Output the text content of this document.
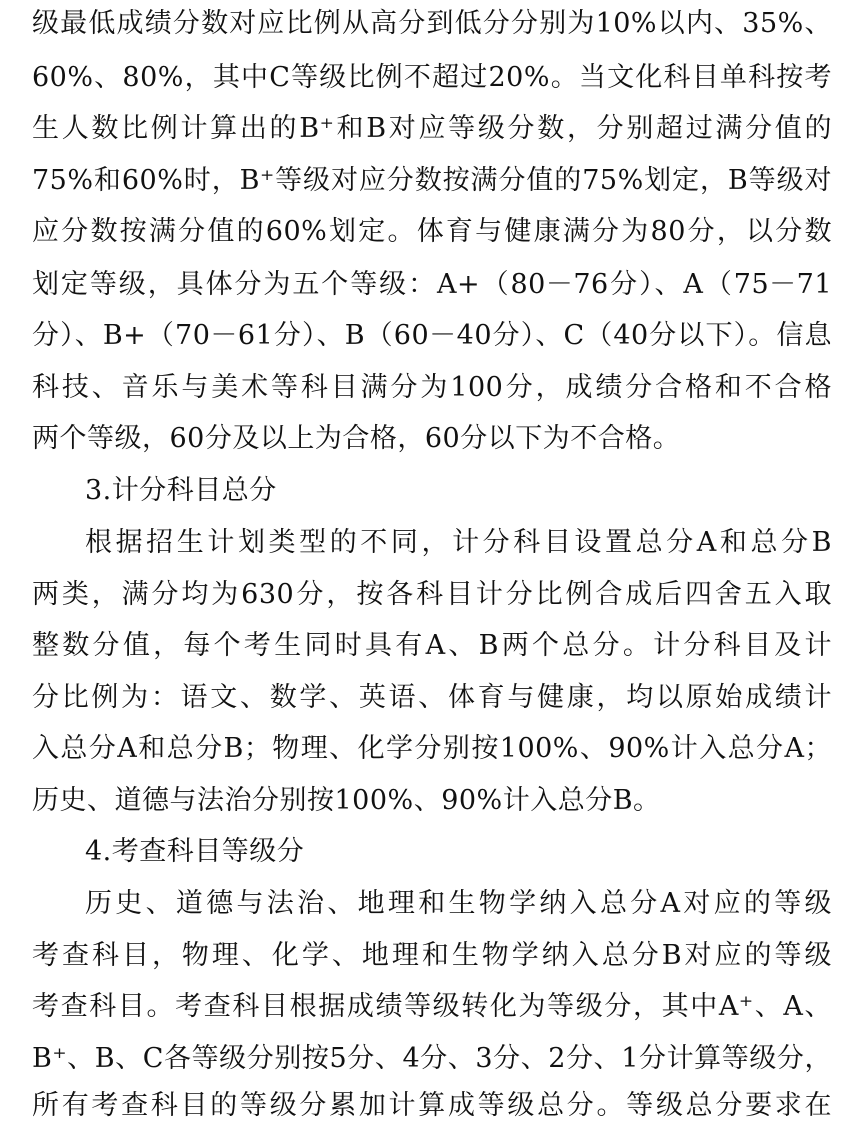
级最低成绩分数对应比例从高分到低分分别为10%以内、35%、
60%、80%，其中C等级比例不超过20%。当文化科目单科按考
生人数比例计算出的B⁺和B对应等级分数，分别超过满分值的
75%和60%时，B⁺等级对应分数按满分值的75%划定，B等级对
应分数按满分值的60%划定。体育与健康满分为80分，以分数
划定等级，具体分为五个等级：A+（80－76分）、A（75－71
分）、B+（70－61分）、B（60－40分）、C（40分以下）。信息
科技、音乐与美术等科目满分为100分，成绩分合格和不合格
两个等级，60分及以上为合格，60分以下为不合格。
3.计分科目总分
根据招生计划类型的不同，计分科目设置总分A和总分B
两类，满分均为630分，按各科目计分比例合成后四舍五入取
整数分值，每个考生同时具有A、B两个总分。计分科目及计
分比例为：语文、数学、英语、体育与健康，均以原始成绩计
入总分A和总分B；物理、化学分别按100%、90%计入总分A；
历史、道德与法治分别按100%、90%计入总分B。
4.考查科目等级分
历史、道德与法治、地理和生物学纳入总分A对应的等级
考查科目，物理、化学、地理和生物学纳入总分B对应的等级
考查科目。考查科目根据成绩等级转化为等级分，其中A⁺、A、
B⁺、B、C各等级分别按5分、4分、3分、2分、1分计算等级分，
所有考查科目的等级分累加计算成等级总分。等级总分要求在
